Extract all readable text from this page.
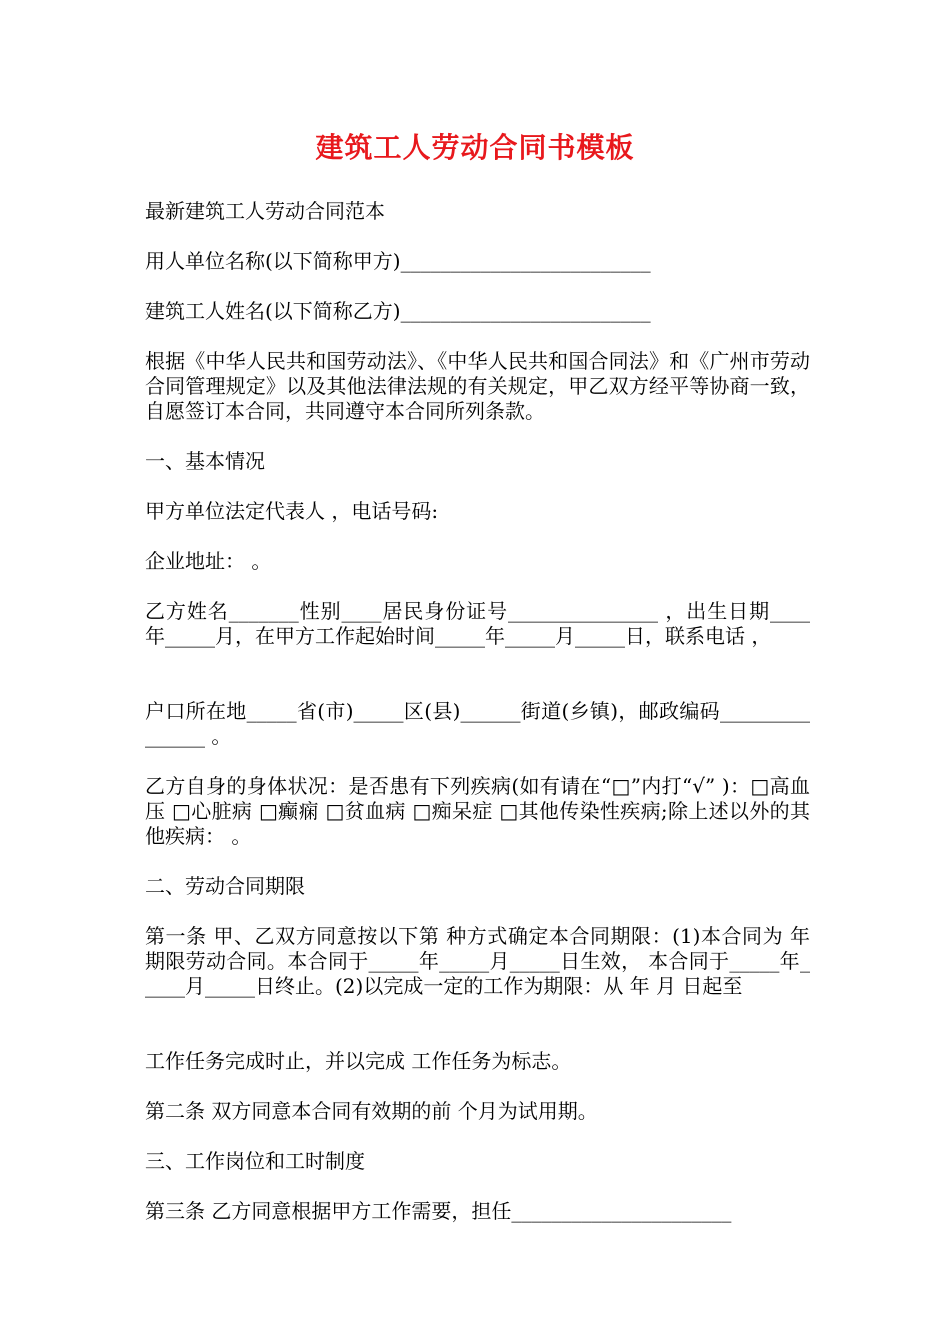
建筑工人劳动合同书模板
最新建筑工人劳动合同范本
用人单位名称(以下简称甲方)_________________________
建筑工人姓名(以下简称乙方)_________________________
根据《中华人民共和国劳动法》、《中华人民共和国合同法》和《广州市劳动合同管理规定》以及其他法律法规的有关规定，甲乙双方经平等协商一致，自愿签订本合同，共同遵守本合同所列条款。
一、基本情况
甲方单位法定代表人 ，电话号码:
企业地址： 。
乙方姓名_______性别____居民身份证号_______________ ，出生日期____年_____月，在甲方工作起始时间_____年_____月_____日，联系电话 ，
户口所在地_____省(市)_____区(县)______街道(乡镇)，邮政编码_______________ 。
乙方自身的身体状况：是否患有下列疾病(如有请在“□”内打“√” )：□高血压 □心脏病 □癫痫 □贫血病 □痴呆症 □其他传染性疾病;除上述以外的其他疾病： 。
二、劳动合同期限
第一条 甲、乙双方同意按以下第 种方式确定本合同期限：(1)本合同为 年期限劳动合同。本合同于_____年_____月_____日生效， 本合同于_____年_____月_____日终止。(2)以完成一定的工作为期限：从 年 月 日起至
工作任务完成时止，并以完成 工作任务为标志。
第二条 双方同意本合同有效期的前 个月为试用期。
三、工作岗位和工时制度
第三条 乙方同意根据甲方工作需要，担任______________________
